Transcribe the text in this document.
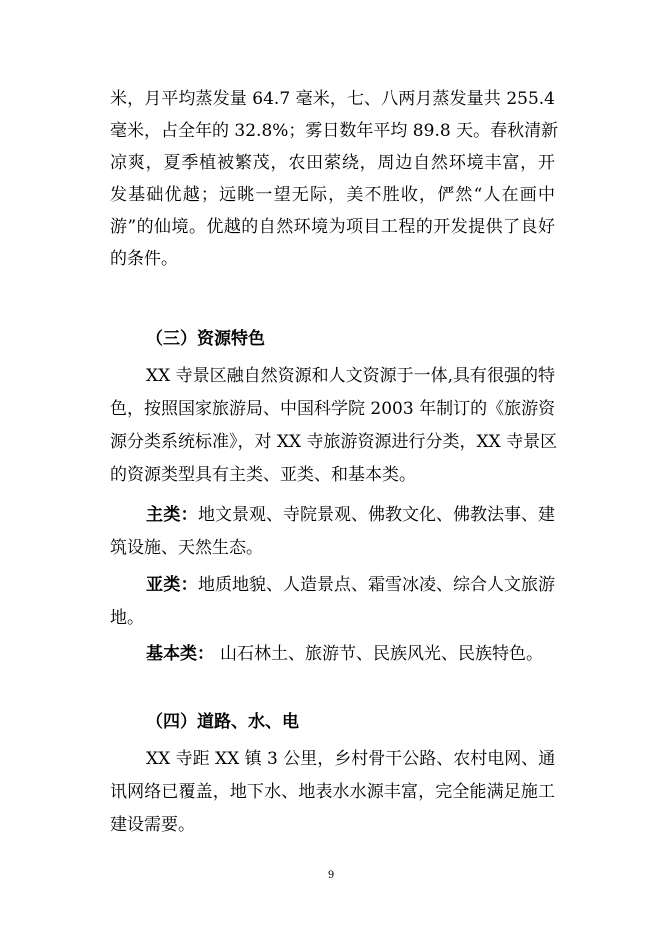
米，月平均蒸发量 64.7 毫米，七、八两月蒸发量共 255.4
毫米，占全年的 32.8%；雾日数年平均 89.8 天。春秋清新
凉爽，夏季植被繁茂，农田萦绕，周边自然环境丰富，开
发基础优越；远眺一望无际，美不胜收，俨然“人在画中
游”的仙境。优越的自然环境为项目工程的开发提供了良好
的条件。
（三）资源特色
XX 寺景区融自然资源和人文资源于一体,具有很强的特
色，按照国家旅游局、中国科学院 2003 年制订的《旅游资
源分类系统标准》，对 XX 寺旅游资源进行分类，XX 寺景区
的资源类型具有主类、亚类、和基本类。
主类：地文景观、寺院景观、佛教文化、佛教法事、建
筑设施、天然生态。
亚类：地质地貌、人造景点、霜雪冰凌、综合人文旅游
地。
基本类： 山石林土、旅游节、民族风光、民族特色。
（四）道路、水、电
XX 寺距 XX 镇 3 公里，乡村骨干公路、农村电网、通
讯网络已覆盖，地下水、地表水水源丰富，完全能满足施工
建设需要。
9
